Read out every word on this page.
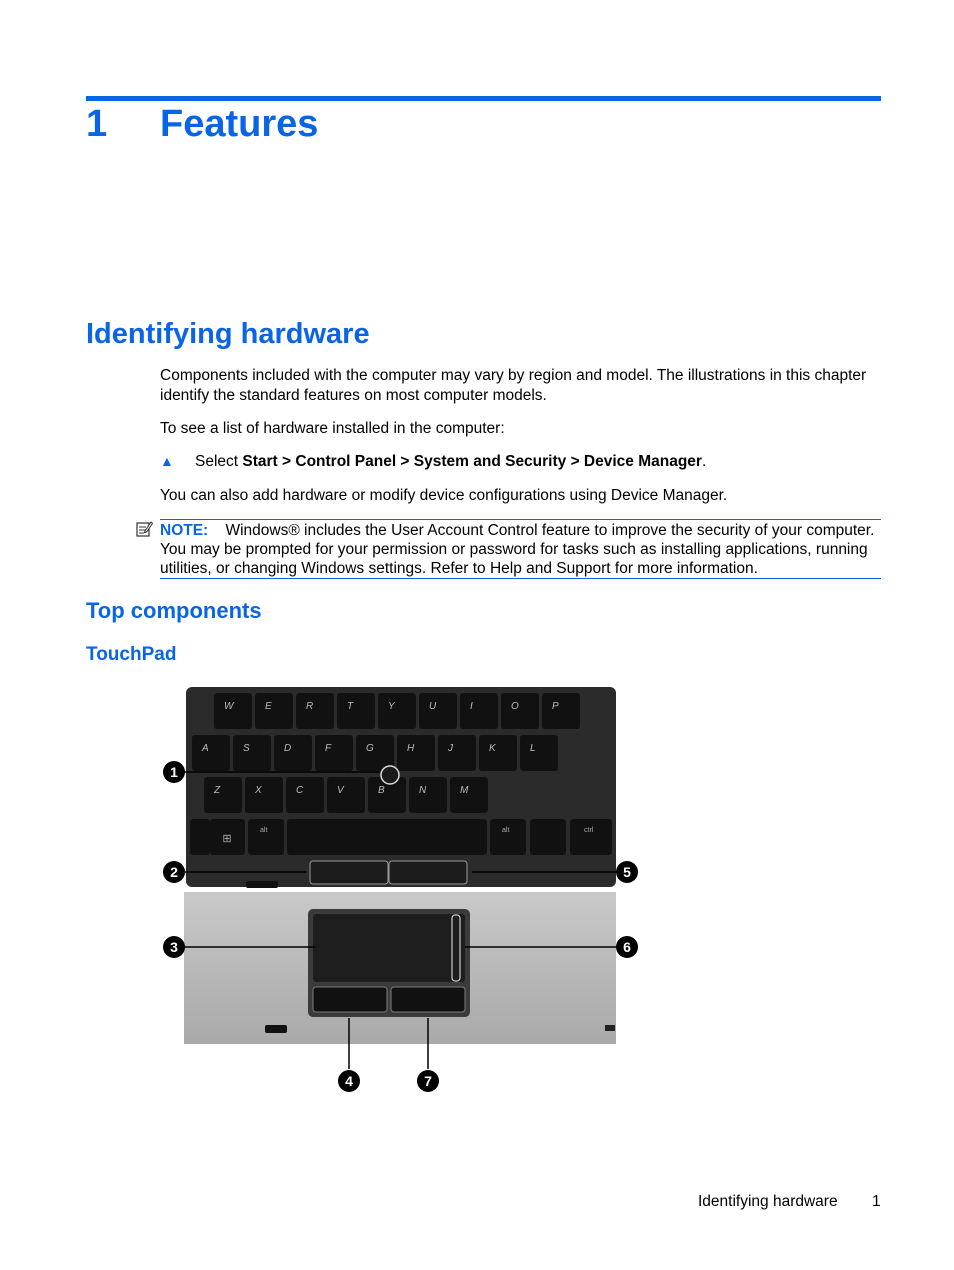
1 Features
Identifying hardware
Components included with the computer may vary by region and model. The illustrations in this chapter identify the standard features on most computer models.
To see a list of hardware installed in the computer:
▲ Select Start > Control Panel > System and Security > Device Manager.
You can also add hardware or modify device configurations using Device Manager.
NOTE: Windows® includes the User Account Control feature to improve the security of your computer. You may be prompted for your permission or password for tasks such as installing applications, running utilities, or changing Windows settings. Refer to Help and Support for more information.
Top components
TouchPad
W	E	R	T	Y	U	I	O	P
A	S	D	F	G	H	J	K	L
Z	X	C	V	B	N	M
⊞
alt	alt	ctrl
1
2
3
4
5
6
7
Identifying hardware 1
